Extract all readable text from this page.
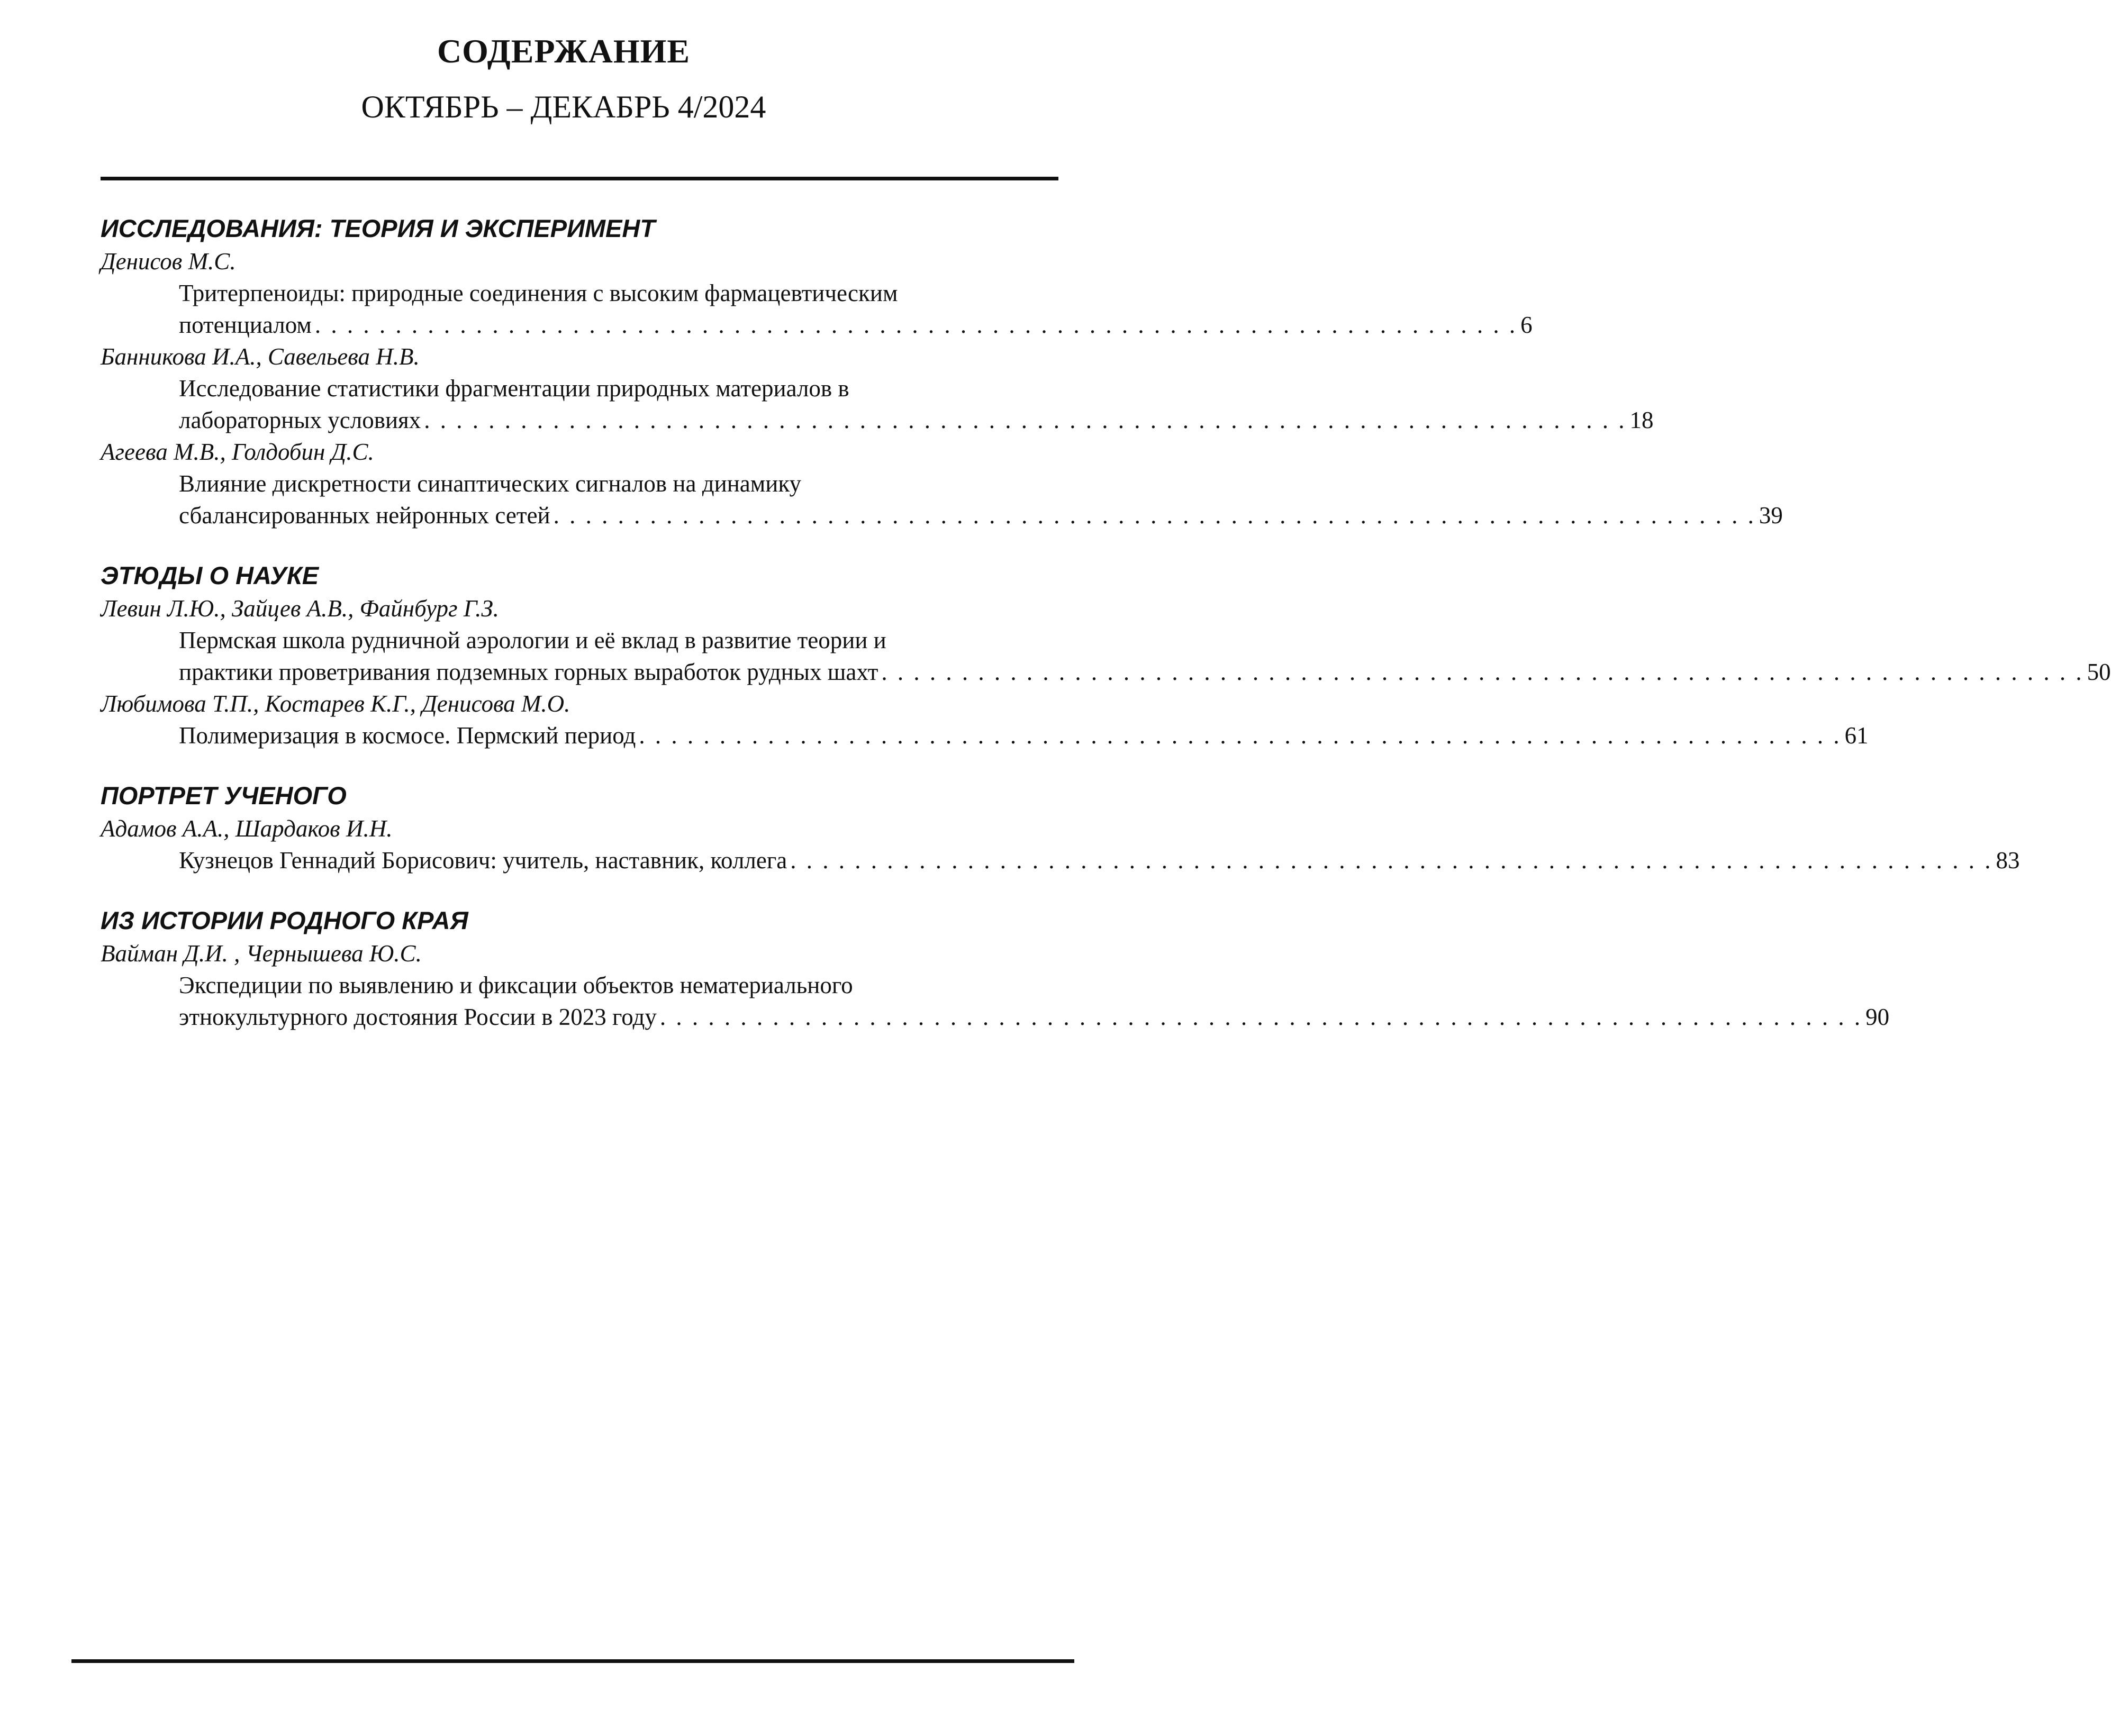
СОДЕРЖАНИЕ
ОКТЯБРЬ – ДЕКАБРЬ 4/2024
ИССЛЕДОВАНИЯ: ТЕОРИЯ И ЭКСПЕРИМЕНТ
Денисов М.С.
Тритерпеноиды: природные соединения с высоким фармацевтическим
потенциалом . . . . . . . . . . . . . . . . . . . . . . . . . . . . . . . . . . . . . . . . . . . . . . . . . . . . . . . . . . . . . . . . . . . . . . . . . . . 6
Банникова И.А., Савельева Н.В.
Исследование статистики фрагментации природных материалов в
лабораторных условиях . . . . . . . . . . . . . . . . . . . . . . . . . . . . . . . . . . . . . . . . . . . . . . . . . . . . . . . . . . . . . . . . . . . . . . . . . . . 18
Агеева М.В., Голдобин Д.С.
Влияние дискретности синаптических сигналов на динамику
сбалансированных нейронных сетей . . . . . . . . . . . . . . . . . . . . . . . . . . . . . . . . . . . . . . . . . . . . . . . . . . . . . . . . . . . . . . . . . . . . . . . . . . . 39
ЭТЮДЫ О НАУКЕ
Левин Л.Ю., Зайцев А.В., Файнбург Г.З.
Пермская школа рудничной аэрологии и её вклад в развитие теории и
практики проветривания подземных горных выработок рудных шахт . . . . . . . . . . . . . . . . . . . . . . . . . . . . . . . . . . . . . . . . . . . . . . . . . . . . . . . . . . . . . . . . . . . . . . . . . . . 50
Любимова Т.П., Костарев К.Г., Денисова М.О.
Полимеризация в космосе. Пермский период . . . . . . . . . . . . . . . . . . . . . . . . . . . . . . . . . . . . . . . . . . . . . . . . . . . . . . . . . . . . . . . . . . . . . . . . . . . 61
ПОРТРЕТ УЧЕНОГО
Адамов А.А., Шардаков И.Н.
Кузнецов Геннадий Борисович: учитель, наставник, коллега . . . . . . . . . . . . . . . . . . . . . . . . . . . . . . . . . . . . . . . . . . . . . . . . . . . . . . . . . . . . . . . . . . . . . . . . . . . 83
ИЗ ИСТОРИИ РОДНОГО КРАЯ
Вайман Д.И. , Чернышева Ю.С.
Экспедиции по выявлению и фиксации объектов нематериального
этнокультурного достояния России в 2023 году . . . . . . . . . . . . . . . . . . . . . . . . . . . . . . . . . . . . . . . . . . . . . . . . . . . . . . . . . . . . . . . . . . . . . . . . . . . 90
